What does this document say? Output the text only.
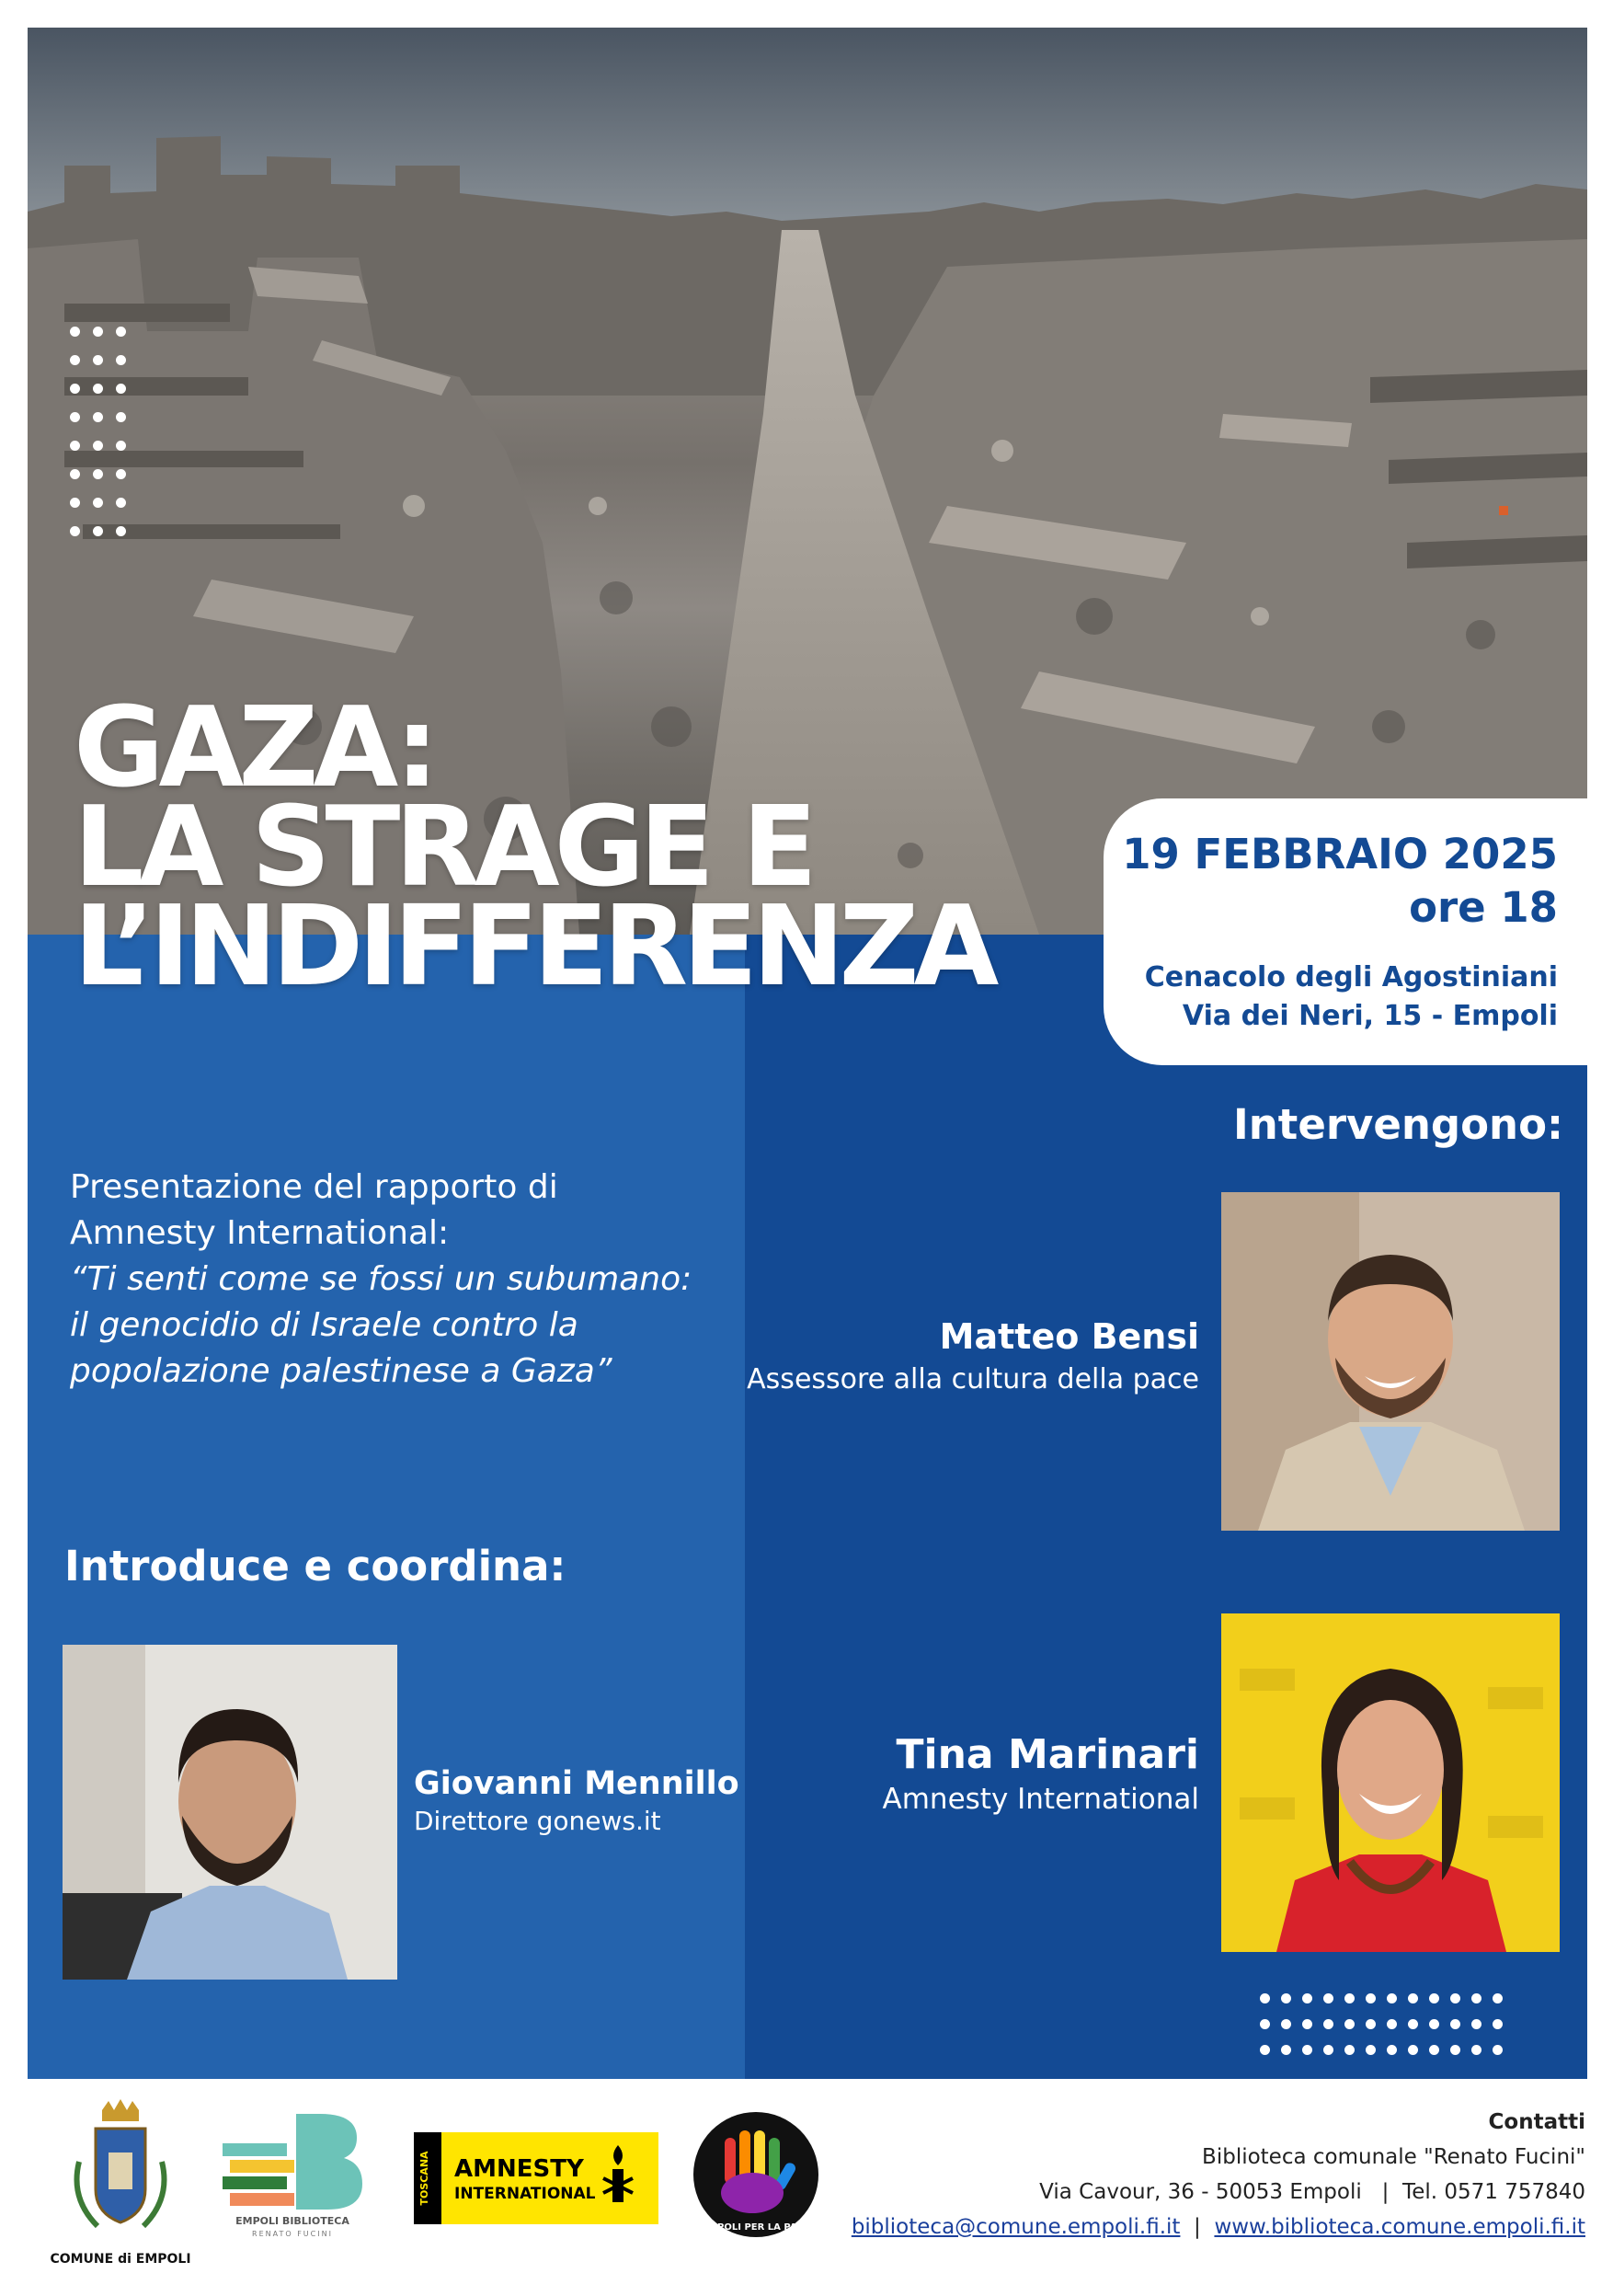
GAZA:
LA STRAGE E
L’INDIFFERENZA
19 FEBBRAIO 2025
ore 18
Cenacolo degli Agostiniani
Via dei Neri, 15 - Empoli
Intervengono:
Presentazione del rapporto di
Amnesty International:
“Ti senti come se fossi un subumano:
il genocidio di Israele contro la
popolazione palestinese a Gaza”
Introduce e coordina:
Matteo Bensi
Assessore alla cultura della pace
Tina Marinari
Amnesty International
Giovanni Mennillo
Direttore gonews.it
COMUNE di EMPOLI
EMPOLI BIBLIOTECA
RENATO FUCINI
TOSCANA AMNESTY
INTERNATIONAL
EMPOLI PER LA PACE
Contatti
Biblioteca comunale "Renato Fucini"
Via Cavour, 36 - 50053 Empoli   |  Tel. 0571 757840
biblioteca@comune.empoli.fi.it  |  www.biblioteca.comune.empoli.fi.it
